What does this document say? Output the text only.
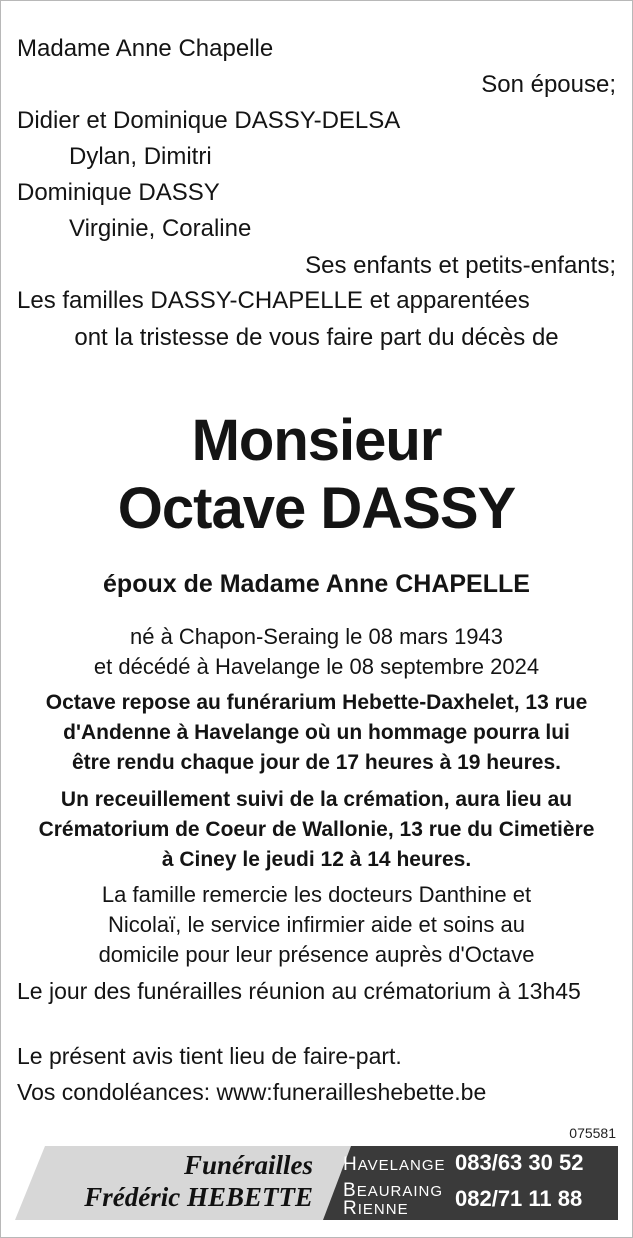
Madame Anne Chapelle
Son épouse;
Didier et Dominique DASSY-DELSA
Dylan, Dimitri
Dominique DASSY
Virginie, Coraline
Ses enfants et petits-enfants;
Les familles DASSY-CHAPELLE et apparentées
ont la tristesse de vous faire part du décès de
Monsieur
Octave DASSY
époux de Madame Anne CHAPELLE
né à Chapon-Seraing le 08 mars 1943
et décédé à Havelange le 08 septembre 2024
Octave repose au funérarium Hebette-Daxhelet, 13 rue
d'Andenne à Havelange où un hommage pourra lui
être rendu chaque jour de 17 heures à 19 heures.
Un receuillement suivi de la crémation, aura lieu au
Crématorium de Coeur de Wallonie, 13 rue du Cimetière
à Ciney le jeudi 12 à 14 heures.
La famille remercie les docteurs Danthine et
Nicolaï, le service infirmier aide et soins au
domicile pour leur présence auprès d'Octave
Le jour des funérailles réunion au crématorium à 13h45
Le présent avis tient lieu de faire-part.
Vos condoléances: www:funerailleshebette.be
075581
Funérailles
Frédéric HEBETTE
HAVELANGE 083/63 30 52
BEAURAING
RIENNE 082/71 11 88
